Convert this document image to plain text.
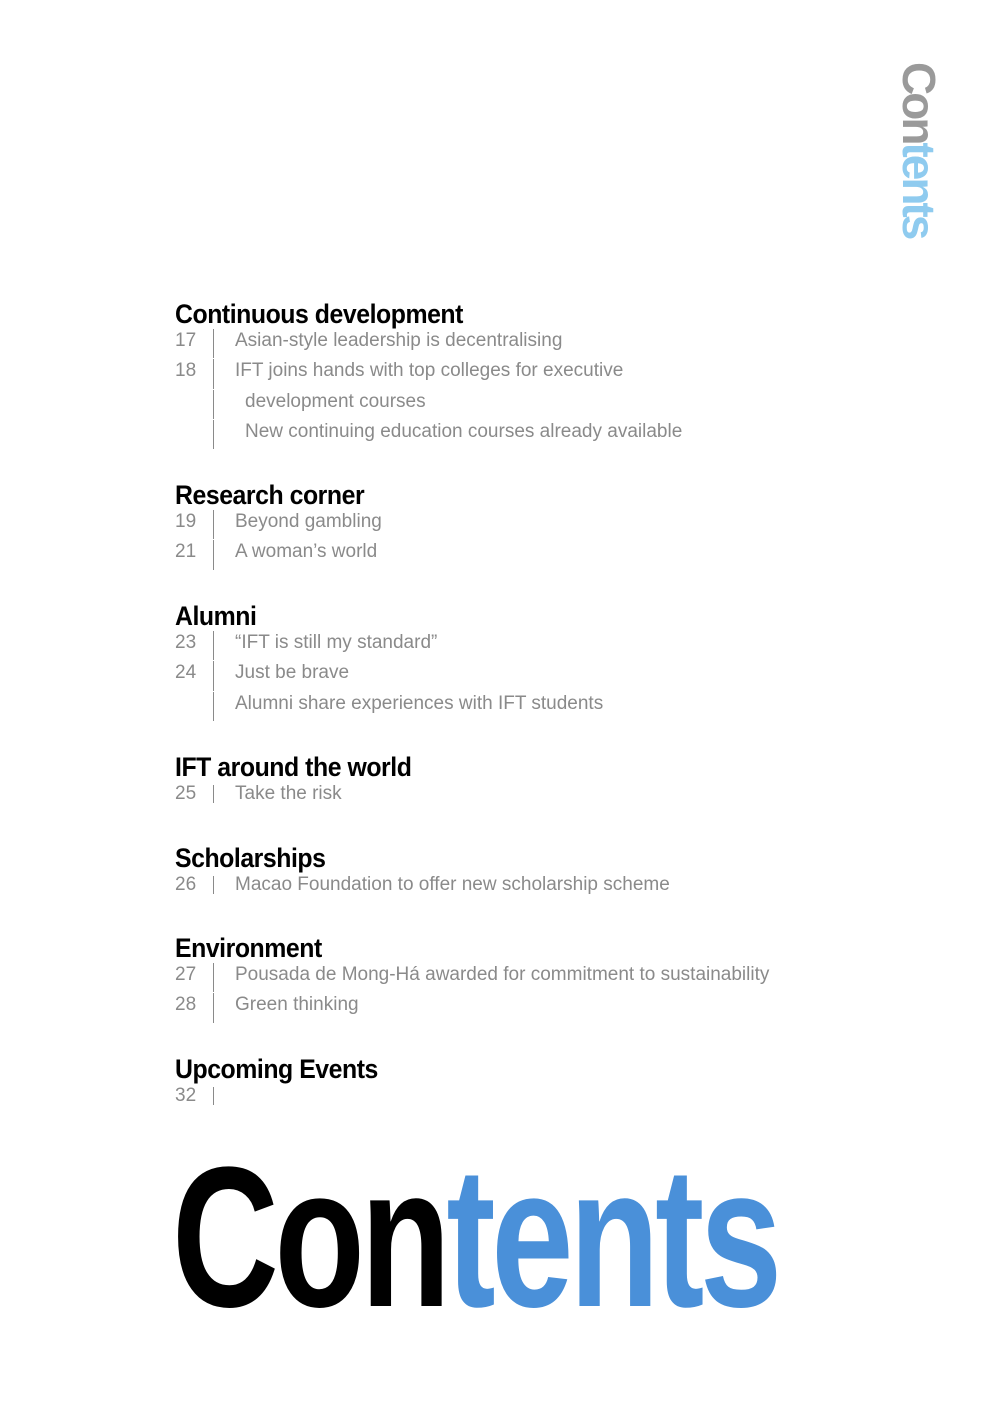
Contents
Continuous development
17	Asian-style leadership is decentralising
18	IFT joins hands with top colleges for executive
development courses
New continuing education courses already available
Research corner
19	Beyond gambling
21	A woman’s world
Alumni
23	“IFT is still my standard”
24	Just be brave
Alumni share experiences with IFT students
IFT around the world
25	Take the risk
Scholarships
26	Macao Foundation to offer new scholarship scheme
Environment
27	Pousada de Mong-Há awarded for commitment to sustainability
28	Green thinking
Upcoming Events
32
Contents
